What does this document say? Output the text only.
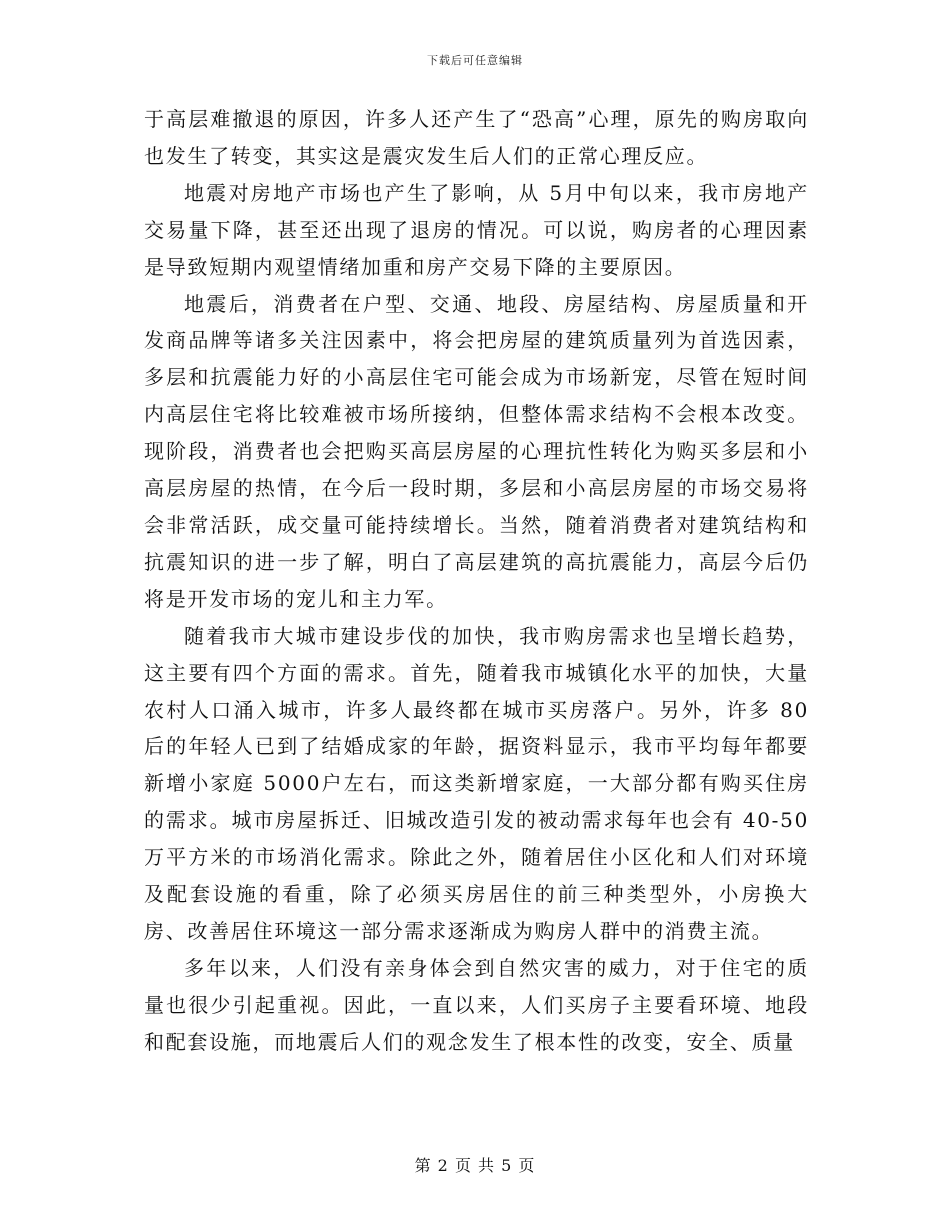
下载后可任意编辑

于高层难撤退的原因，许多人还产生了“恐高”心理，原先的购房取向也发生了转变，其实这是震灾发生后人们的正常心理反应。

地震对房地产市场也产生了影响，从 5月中旬以来，我市房地产交易量下降，甚至还出现了退房的情况。可以说，购房者的心理因素是导致短期内观望情绪加重和房产交易下降的主要原因。

地震后，消费者在户型、交通、地段、房屋结构、房屋质量和开发商品牌等诸多关注因素中，将会把房屋的建筑质量列为首选因素，多层和抗震能力好的小高层住宅可能会成为市场新宠，尽管在短时间内高层住宅将比较难被市场所接纳，但整体需求结构不会根本改变。现阶段，消费者也会把购买高层房屋的心理抗性转化为购买多层和小高层房屋的热情，在今后一段时期，多层和小高层房屋的市场交易将会非常活跃，成交量可能持续增长。当然，随着消费者对建筑结构和抗震知识的进一步了解，明白了高层建筑的高抗震能力，高层今后仍将是开发市场的宠儿和主力军。

随着我市大城市建设步伐的加快，我市购房需求也呈增长趋势，这主要有四个方面的需求。首先，随着我市城镇化水平的加快，大量农村人口涌入城市，许多人最终都在城市买房落户。另外，许多 80后的年轻人已到了结婚成家的年龄，据资料显示，我市平均每年都要新增小家庭 5000户左右，而这类新增家庭，一大部分都有购买住房的需求。城市房屋拆迁、旧城改造引发的被动需求每年也会有 40-50万平方米的市场消化需求。除此之外，随着居住小区化和人们对环境及配套设施的看重，除了必须买房居住的前三种类型外，小房换大房、改善居住环境这一部分需求逐渐成为购房人群中的消费主流。

多年以来，人们没有亲身体会到自然灾害的威力，对于住宅的质量也很少引起重视。因此，一直以来，人们买房子主要看环境、地段和配套设施，而地震后人们的观念发生了根本性的改变，安全、质量

第 2 页 共 5 页
